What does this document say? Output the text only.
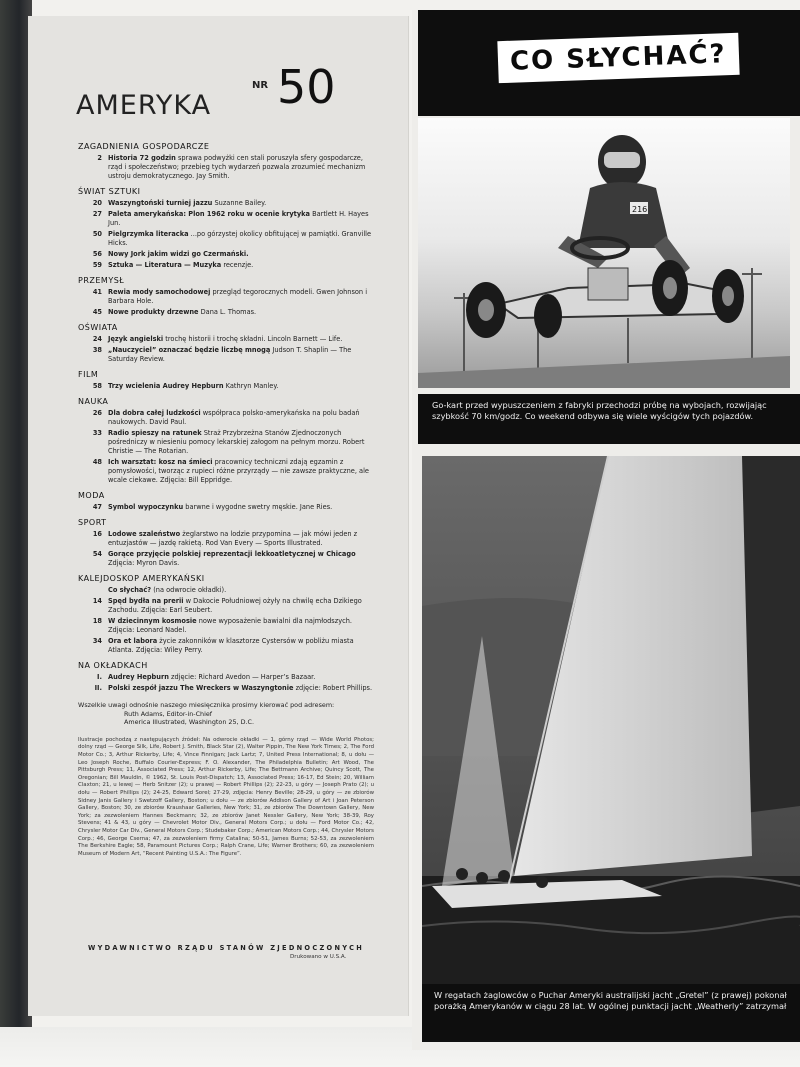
AMERYKA
NR 50
ZAGADNIENIA GOSPODARCZE
2 Historia 72 godzin sprawa podwyżki cen stali poruszyła sfery gospodarcze, rząd i społeczeństwo; przebieg tych wydarzeń pozwala zrozumieć mechanizm ustroju demokratycznego. Jay Smith.
ŚWIAT SZTUKI
20 Waszyngtoński turniej jazzu Suzanne Bailey.
27 Paleta amerykańska: Plon 1962 roku w ocenie krytyka Bartlett H. Hayes Jun.
50 Pielgrzymka literacka ...po górzystej okolicy obfitującej w pamiątki. Granville Hicks.
56 Nowy Jork jakim widzi go Czermański.
59 Sztuka — Literatura — Muzyka recenzje.
PRZEMYSŁ
41 Rewia mody samochodowej przegląd tegorocznych modeli. Gwen Johnson i Barbara Hole.
45 Nowe produkty drzewne Dana L. Thomas.
OŚWIATA
24 Język angielski trochę historii i trochę składni. Lincoln Barnett — Life.
38 „Nauczyciel” oznaczać będzie liczbę mnogą Judson T. Shaplin — The Saturday Review.
FILM
58 Trzy wcielenia Audrey Hepburn Kathryn Manley.
NAUKA
26 Dla dobra całej ludzkości współpraca polsko-amerykańska na polu badań naukowych. David Paul.
33 Radio spieszy na ratunek Straż Przybrzeżna Stanów Zjednoczonych pośredniczy w niesieniu pomocy lekarskiej załogom na pełnym morzu. Robert Christie — The Rotarian.
48 Ich warsztat: kosz na śmieci pracownicy techniczni zdają egzamin z pomysłowości, tworząc z rupieci różne przyrządy — nie zawsze praktyczne, ale wcale ciekawe. Zdjęcia: Bill Eppridge.
MODA
47 Symbol wypoczynku barwne i wygodne swetry męskie. Jane Ries.
SPORT
16 Lodowe szaleństwo żeglarstwo na lodzie przypomina — jak mówi jeden z entuzjastów — jazdę rakietą. Rod Van Every — Sports Illustrated.
54 Gorące przyjęcie polskiej reprezentacji lekkoatletycznej w Chicago Zdjęcia: Myron Davis.
KALEJDOSKOP AMERYKAŃSKI
Co słychać? (na odwrocie okładki).
14 Spęd bydła na prerii w Dakocie Południowej ożyły na chwilę echa Dzikiego Zachodu. Zdjęcia: Earl Seubert.
18 W dziecinnym kosmosie nowe wyposażenie bawialni dla najmłodszych. Zdjęcia: Leonard Nadel.
34 Ora et labora życie zakonników w klasztorze Cystersów w pobliżu miasta Atlanta. Zdjęcia: Wiley Perry.
NA OKŁADKACH
I. Audrey Hepburn zdjęcie: Richard Avedon — Harper’s Bazaar.
II. Polski zespół jazzu The Wreckers w Waszyngtonie zdjęcie: Robert Phillips.
Wszelkie uwagi odnośnie naszego miesięcznika prosimy kierować pod adresem:
Ruth Adams, Editor-in-Chief
America Illustrated, Washington 25, D.C.
Ilustracje pochodzą z następujących źródeł: Na odwrocie okładki — 1, górny rząd — Wide World Photos; dolny rząd — George Silk, Life, Robert J. Smith, Black Star (2), Walter Pippin, The New York Times; 2, The Ford Motor Co.; 3, Arthur Rickerby, Life; 4, Vince Finnigan; Jack Lartz; 7, United Press International; 8, u dołu — Leo Joseph Roche, Buffalo Courier-Express; F. O. Alexander, The Philadelphia Bulletin; Art Wood, The Pittsburgh Press; 11, Associated Press; 12, Arthur Rickerby, Life; The Bettmann Archive; Quincy Scott, The Oregonian; Bill Mauldin, © 1962, St. Louis Post-Dispatch; 13, Associated Press; 16-17, Ed Stein; 20, William Claxton; 21, u lewej — Herb Snitzer (2); u prawej — Robert Phillips (2); 22-23, u góry — Joseph Prato (2); u dołu — Robert Phillips (2); 24-25, Edward Sorel; 27-29, zdjęcia: Henry Beville; 28-29, u góry — ze zbiorów Sidney Janis Gallery i Swetzoff Gallery, Boston; u dołu — ze zbiorów Addison Gallery of Art i Joan Peterson Gallery, Boston; 30, ze zbiorów Kraushaar Galleries, New York; 31, ze zbiorów The Downtown Gallery, New York; za zezwoleniem Hannes Beckmann; 32, ze zbiorów Janet Nessler Gallery, New York; 38-39, Roy Stevens; 41 & 43, u góry — Chevrolet Motor Div., General Motors Corp.; u dołu — Ford Motor Co.; 42, Chrysler Motor Car Div., General Motors Corp.; Studebaker Corp.; American Motors Corp.; 44, Chrysler Motors Corp.; 46, George Cserna; 47, za zezwoleniem firmy Catalina; 50-51, James Burns; 52-53, za zezwoleniem The Berkshire Eagle; 58, Paramount Pictures Corp.; Ralph Crane, Life; Warner Brothers; 60, za zezwoleniem Museum of Modern Art, “Recent Painting U.S.A.: The Figure”.
WYDAWNICTWO RZĄDU STANÓW ZJEDNOCZONYCH
Drukowano w U.S.A.
CO SŁYCHAĆ?
216
Go-kart przed wypuszczeniem z fabryki przechodzi próbę na wybojach, rozwijając szybkość 70 km/godz. Co weekend odbywa się wiele wyścigów tych pojazdów.
W regatach żaglowców o Puchar Ameryki australijski jacht „Gretel” (z prawej) pokonał porażką Amerykanów w ciągu 28 lat. W ogólnej punktacji jacht „Weatherly” zatrzymał
